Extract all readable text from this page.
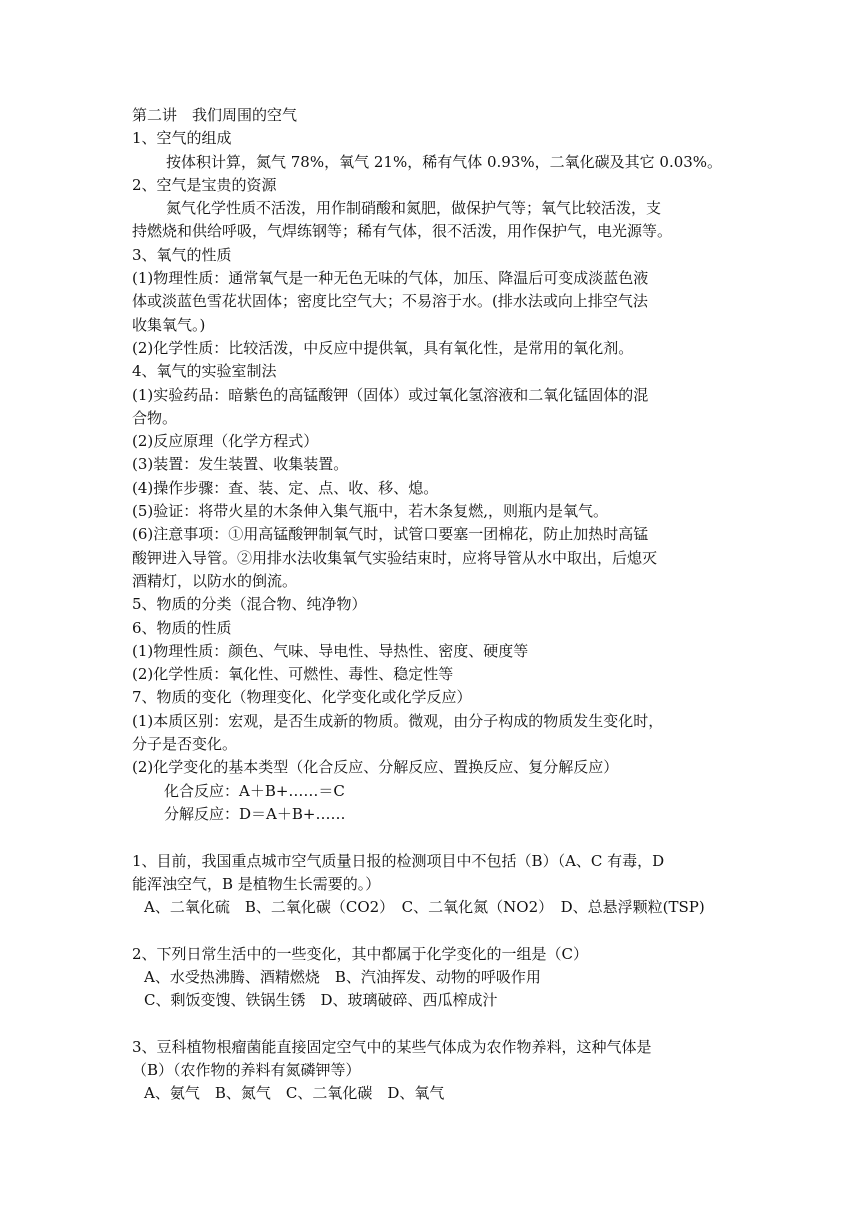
第二讲　我们周围的空气
1、空气的组成
按体积计算，氮气 78%，氧气 21%，稀有气体 0.93%，二氧化碳及其它 0.03%。
2、空气是宝贵的资源
氮气化学性质不活泼，用作制硝酸和氮肥，做保护气等；氧气比较活泼，支
持燃烧和供给呼吸，气焊练钢等；稀有气体，很不活泼，用作保护气，电光源等。
3、氧气的性质
(1)物理性质：通常氧气是一种无色无味的气体，加压、降温后可变成淡蓝色液
体或淡蓝色雪花状固体；密度比空气大；不易溶于水。(排水法或向上排空气法
收集氧气。)
(2)化学性质：比较活泼，中反应中提供氧，具有氧化性，是常用的氧化剂。
4、氧气的实验室制法
(1)实验药品：暗紫色的高锰酸钾（固体）或过氧化氢溶液和二氧化锰固体的混
合物。
(2)反应原理（化学方程式）
(3)装置：发生装置、收集装置。
(4)操作步骤：查、装、定、点、收、移、熄。
(5)验证：将带火星的木条伸入集气瓶中，若木条复燃,，则瓶内是氧气。
(6)注意事项：①用高锰酸钾制氧气时，试管口要塞一团棉花，防止加热时高锰
酸钾进入导管。②用排水法收集氧气实验结束时，应将导管从水中取出，后熄灭
酒精灯，以防水的倒流。
5、物质的分类（混合物、纯净物）
6、物质的性质
(1)物理性质：颜色、气味、导电性、导热性、密度、硬度等
(2)化学性质：氧化性、可燃性、毒性、稳定性等
7、物质的变化（物理变化、化学变化或化学反应）
(1)本质区别：宏观，是否生成新的物质。微观，由分子构成的物质发生变化时，
分子是否变化。
(2)化学变化的基本类型（化合反应、分解反应、置换反应、复分解反应）
化合反应：A＋B+……＝C
分解反应：D＝A＋B+……
1、目前，我国重点城市空气质量日报的检测项目中不包括（B）（A、C 有毒，D
能浑浊空气，B 是植物生长需要的。）
A、二氧化硫　B、二氧化碳（CO2）　C、二氧化氮（NO2）　D、总悬浮颗粒(TSP)
2、下列日常生活中的一些变化，其中都属于化学变化的一组是（C）
A、水受热沸腾、酒精燃烧　B、汽油挥发、动物的呼吸作用
C、剩饭变馊、铁锅生锈　D、玻璃破碎、西瓜榨成汁
3、豆科植物根瘤菌能直接固定空气中的某些气体成为农作物养料，这种气体是
（B）（农作物的养料有氮磷钾等）
A、氨气　B、氮气　C、二氧化碳　D、氧气
